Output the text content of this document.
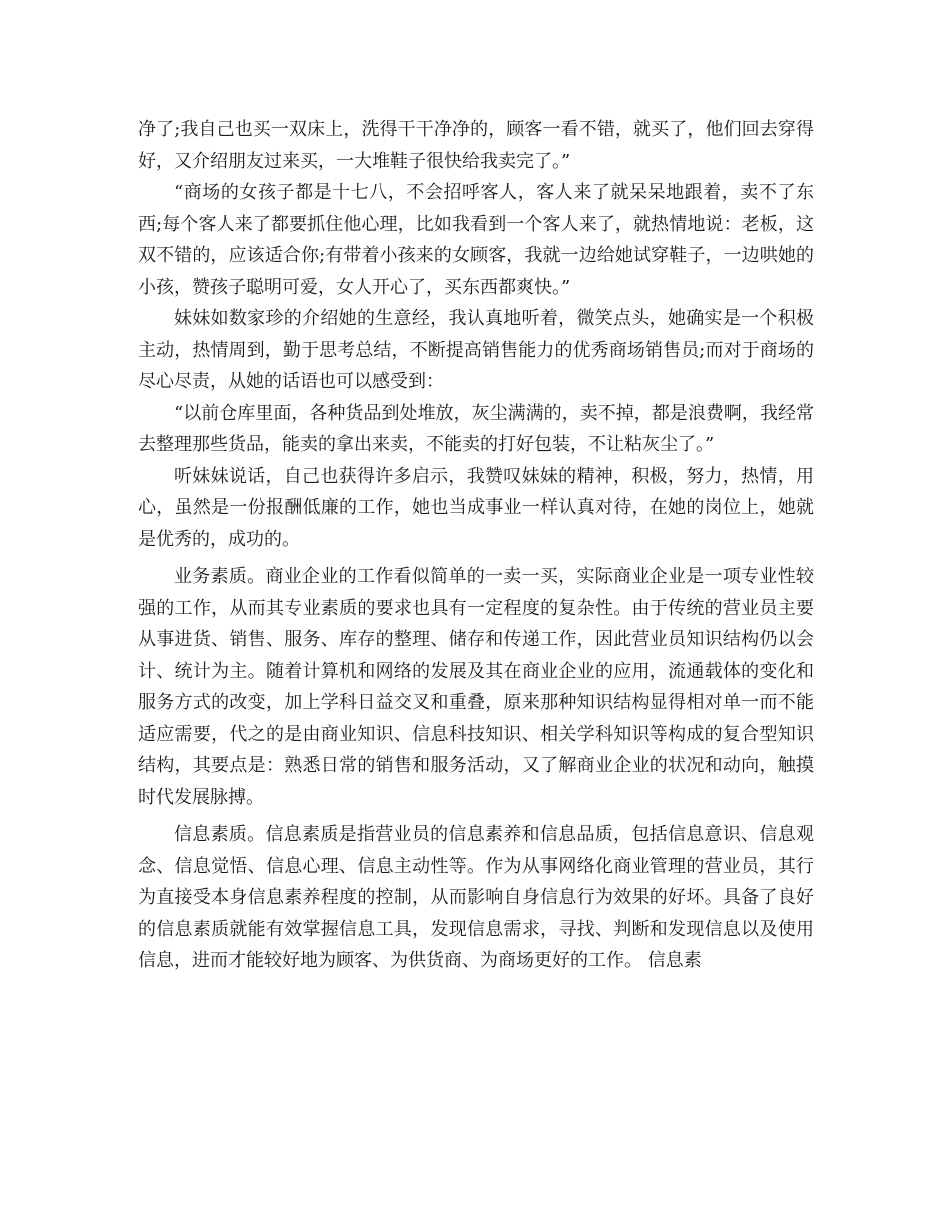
净了;我自己也买一双床上，洗得干干净净的，顾客一看不错，就买了，他们回去穿得好，又介绍朋友过来买，一大堆鞋子很快给我卖完了。”

“商场的女孩子都是十七八，不会招呼客人，客人来了就呆呆地跟着，卖不了东西;每个客人来了都要抓住他心理，比如我看到一个客人来了，就热情地说：老板，这双不错的，应该适合你;有带着小孩来的女顾客，我就一边给她试穿鞋子，一边哄她的小孩，赞孩子聪明可爱，女人开心了，买东西都爽快。”

妹妹如数家珍的介绍她的生意经，我认真地听着，微笑点头，她确实是一个积极主动，热情周到，勤于思考总结，不断提高销售能力的优秀商场销售员;而对于商场的尽心尽责，从她的话语也可以感受到：

“以前仓库里面，各种货品到处堆放，灰尘满满的，卖不掉，都是浪费啊，我经常去整理那些货品，能卖的拿出来卖，不能卖的打好包装，不让粘灰尘了。”

听妹妹说话，自己也获得许多启示，我赞叹妹妹的精神，积极，努力，热情，用心，虽然是一份报酬低廉的工作，她也当成事业一样认真对待，在她的岗位上，她就是优秀的，成功的。

业务素质。商业企业的工作看似简单的一卖一买，实际商业企业是一项专业性较强的工作，从而其专业素质的要求也具有一定程度的复杂性。由于传统的营业员主要从事进货、销售、服务、库存的整理、储存和传递工作，因此营业员知识结构仍以会计、统计为主。随着计算机和网络的发展及其在商业企业的应用，流通载体的变化和服务方式的改变，加上学科日益交叉和重叠，原来那种知识结构显得相对单一而不能适应需要，代之的是由商业知识、信息科技知识、相关学科知识等构成的复合型知识结构，其要点是：熟悉日常的销售和服务活动，又了解商业企业的状况和动向，触摸时代发展脉搏。

信息素质。信息素质是指营业员的信息素养和信息品质，包括信息意识、信息观念、信息觉悟、信息心理、信息主动性等。作为从事网络化商业管理的营业员，其行为直接受本身信息素养程度的控制，从而影响自身信息行为效果的好坏。具备了良好的信息素质就能有效掌握信息工具，发现信息需求，寻找、判断和发现信息以及使用信息，进而才能较好地为顾客、为供货商、为商场更好的工作。 信息素
